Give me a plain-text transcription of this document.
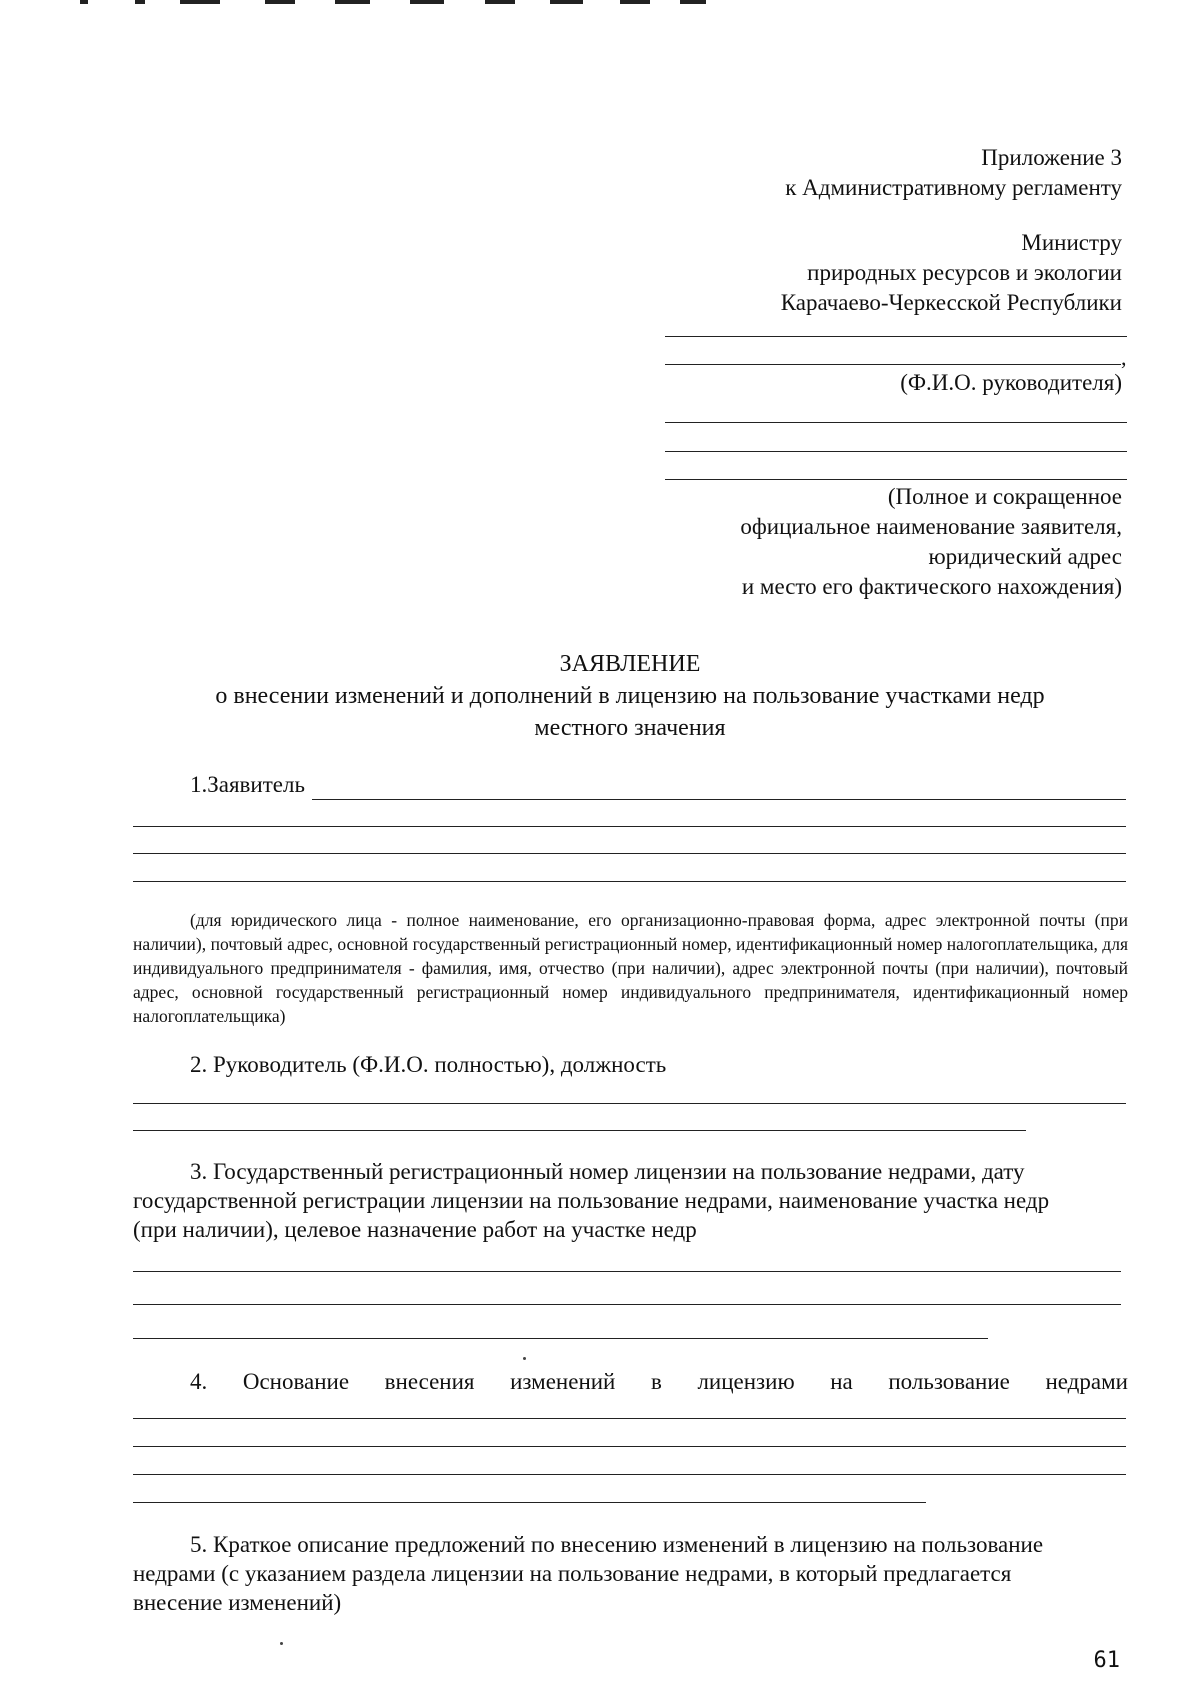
Приложение 3
к Административному регламенту
Министру
природных ресурсов и экологии
Карачаево-Черкесской Республики
,
(Ф.И.О. руководителя)
(Полное и сокращенное
официальное наименование заявителя,
юридический адрес
и место его фактического нахождения)
ЗАЯВЛЕНИЕ
о внесении изменений и дополнений в лицензию на пользование участками недр
местного значения
1.Заявитель
(для юридического лица - полное наименование, его организационно-правовая форма, адрес электронной почты (при наличии), почтовый адрес, основной государственный регистрационный номер, идентификационный номер налогоплательщика, для индивидуального предпринимателя - фамилия, имя, отчество (при наличии), адрес электронной почты (при наличии), почтовый адрес, основной государственный регистрационный номер индивидуального предпринимателя, идентификационный номер налогоплательщика)
2. Руководитель (Ф.И.О. полностью), должность
3. Государственный регистрационный номер лицензии на пользование недрами, дату
государственной регистрации лицензии на пользование недрами, наименование участка недр
(при наличии), целевое назначение работ на участке недр
4. Основание внесения изменений в лицензию на пользование недрами
5. Краткое описание предложений по внесению изменений в лицензию на пользование
недрами (с указанием раздела лицензии на пользование недрами, в который предлагается
внесение изменений)
61
